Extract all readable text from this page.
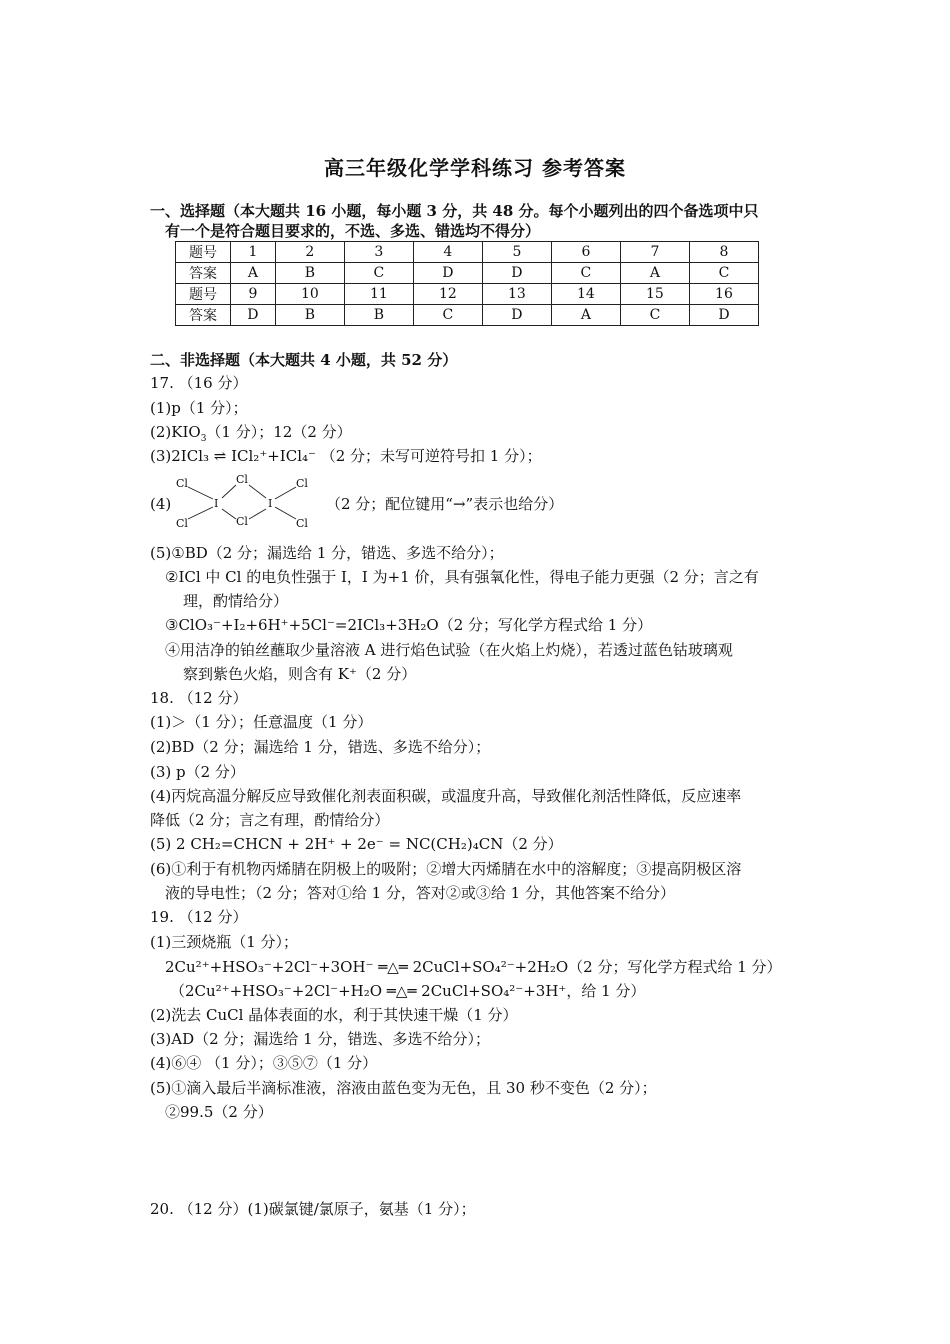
高三年级化学学科练习 参考答案
一、选择题（本大题共 16 小题，每小题 3 分，共 48 分。每个小题列出的四个备选项中只
有一个是符合题目要求的，不选、多选、错选均不得分）
题号	1	2	3	4	5	6	7	8
答案	A	B	C	D	D	C	A	C
题号	9	10	11	12	13	14	15	16
答案	D	B	B	C	D	A	C	D
二、非选择题（本大题共 4 小题，共 52 分）
17. （16 分）
(1)p（1 分）；
$(2)KIO_3(1$ 分）；12（2 分）
(3)2ICl₃ ⇌ ICl₂⁺+ICl₄⁻ （2 分；未写可逆符号扣 1 分）；
(4)
Cl	Cl	Cl
I	I
Cl	Cl	Cl
（2 分；配位键用“→”表示也给分）
(5)①BD（2 分；漏选给 1 分，错选、多选不给分）；
②ICl 中 Cl 的电负性强于 I，I 为+1 价，具有强氧化性，得电子能力更强（2 分；言之有
理，酌情给分）
③ClO₃⁻+I₂+6H⁺+5Cl⁻=2ICl₃+3H₂O（2 分；写化学方程式给 1 分）
④用洁净的铂丝蘸取少量溶液 A 进行焰色试验（在火焰上灼烧），若透过蓝色钴玻璃观
察到紫色火焰，则含有 K⁺（2 分）
18. （12 分）
(1)＞（1 分）；任意温度（1 分）
(2)BD（2 分；漏选给 1 分，错选、多选不给分）；
(3) p（2 分）
(4)丙烷高温分解反应导致催化剂表面积碳，或温度升高，导致催化剂活性降低，反应速率
降低（2 分；言之有理，酌情给分）
(5) 2 CH₂=CHCN + 2H⁺ + 2e⁻ = NC(CH₂)₄CN（2 分）
(6)①利于有机物丙烯腈在阴极上的吸附；②增大丙烯腈在水中的溶解度；③提高阴极区溶
液的导电性；（2 分；答对①给 1 分，答对②或③给 1 分，其他答案不给分）
19. （12 分）
(1)三颈烧瓶（1 分）；
2Cu²⁺+HSO₃⁻+2Cl⁻+3OH⁻ ═△═ 2CuCl+SO₄²⁻+2H₂O（2 分；写化学方程式给 1 分）
（2Cu²⁺+HSO₃⁻+2Cl⁻+H₂O ═△═ 2CuCl+SO₄²⁻+3H⁺，给 1 分）
(2)洗去 CuCl 晶体表面的水，利于其快速干燥（1 分）
(3)AD（2 分；漏选给 1 分，错选、多选不给分）；
(4)⑥④ （1 分）；③⑤⑦（1 分）
(5)①滴入最后半滴标准液，溶液由蓝色变为无色，且 30 秒不变色（2 分）；
②99.5（2 分）
20. （12 分）(1)碳氯键/氯原子，氨基（1 分）；
